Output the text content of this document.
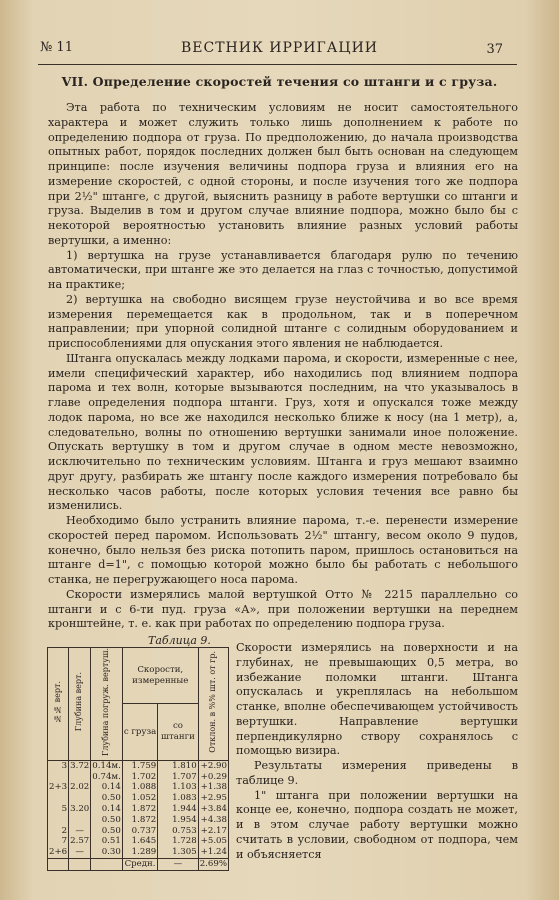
№ 11	ВЕСТНИК ИРРИГАЦИИ	37
VII. Определение скоростей течения со штанги и с груза.

Эта работа по техническим условиям не носит самостоятельного характера и может служить только лишь дополнением к работе по определению подпора от груза. По предположению, до начала производства опытных работ, порядок последних должен был быть основан на следующем принципе: после изучения величины подпора груза и влияния его на измерение скоростей, с одной стороны, и после изучения того же подпора при 2½" штанге, с другой, выяснить разницу в работе вертушки со штанги и груза. Выделив в том и другом случае влияние подпора, можно было бы с некоторой вероятностью установить влияние разных условий работы вертушки, а именно:

1) вертушка на грузе устанавливается благодаря рулю по течению автоматически, при штанге же это делается на глаз с точностью, допустимой на практике;

2) вертушка на свободно висящем грузе неустойчива и во все время измерения перемещается как в продольном, так и в поперечном направлении; при упорной солидной штанге с солидным оборудованием и приспособлениями для опускания этого явления не наблюдается.

Штанга опускалась между лодками парома, и скорости, измеренные с нее, имели специфический характер, ибо находились под влиянием подпора парома и тех волн, которые вызываются последним, на что указывалось в главе определения подпора штанги. Груз, хотя и опускался тоже между лодок парома, но все же находился несколько ближе к носу (на 1 метр), а, следовательно, волны по отношению вертушки занимали иное положение. Опускать вертушку в том и другом случае в одном месте невозможно, исключительно по техническим условиям. Штанга и груз мешают взаимно друг другу, разбирать же штангу после каждого измерения потребовало бы несколько часов работы, после которых условия течения все равно бы изменились.

Необходимо было устранить влияние парома, т.-е. перенести измерение скоростей перед паромом. Использовать 2½" штангу, весом около 9 пудов, конечно, было нельзя без риска потопить паром, пришлось остановиться на штанге d=1", с помощью которой можно было бы работать с небольшого станка, не перегружающего носа парома.

Скорости измерялись малой вертушкой Отто № 2215 параллельно со штанги и с 6-ти пуд. груза «А», при положении вертушки на переднем кронштейне, т. е. как при работах по определению подпора груза.

Таблица 9.
№№ верт.	Глубина верт.	Глубина погруж. вертуш.	Скорости, измеренные		Отклон. в %% шт. от гр.
			с груза	со штанги	
3	3.72	0.14м.	1.759	1.810	+2.90
		0.74м.	1.702	1.707	+0.29
2+3	2.02	0.14	1.088	1.103	+1.38
		0.50	1.052	1.083	+2.95
5	3.20	0.14	1.872	1.944	+3.84
		0.50	1.872	1.954	+4.38
2	—	0.50	0.737	0.753	+2.17
7	2.57	0.51	1.645	1.728	+5.05
2+6	—	0.30	1.289	1.305	+1.24
			Средн.	—	2.69%

Скорости измерялись на поверхности и на глубинах, не превышающих 0,5 метра, во избежание поломки штанги. Штанга опускалась и укреплялась на небольшом станке, вполне обеспечивающем устойчивость вертушки. Направление вертушки перпендикулярно створу сохранялось с помощью визира.

Результаты измерения приведены в таблице 9.

1" штанга при положении вертушки на конце ее, конечно, подпора создать не может, и в этом случае работу вертушки можно считать в условии, свободном от подпора, чем и объясняется
